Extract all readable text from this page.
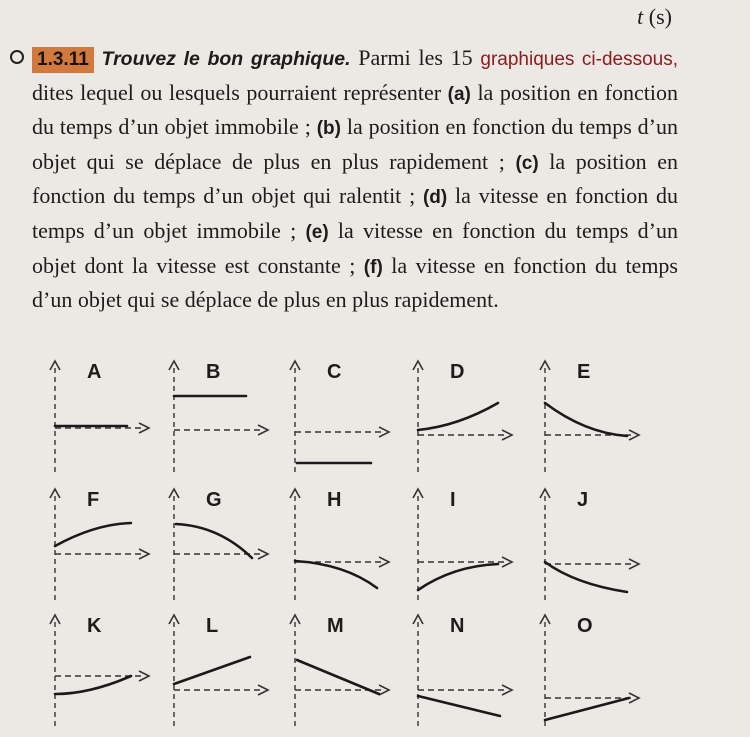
t (s)

1.3.11 Trouvez le bon graphique. Parmi les 15 graphiques ci-dessous, dites lequel ou lesquels pourraient représenter (a) la position en fonction du temps d’un objet immobile ; (b) la position en fonction du temps d’un objet qui se déplace de plus en plus rapidement ; (c) la position en fonction du temps d’un objet qui ralentit ; (d) la vitesse en fonction du temps d’un objet immobile ; (e) la vitesse en fonction du temps d’un objet dont la vitesse est constante ; (f) la vitesse en fonction du temps d’un objet qui se déplace de plus en plus rapidement.

A	B	C	D	E
F	G	H	I	J
K	L	M	N	O
